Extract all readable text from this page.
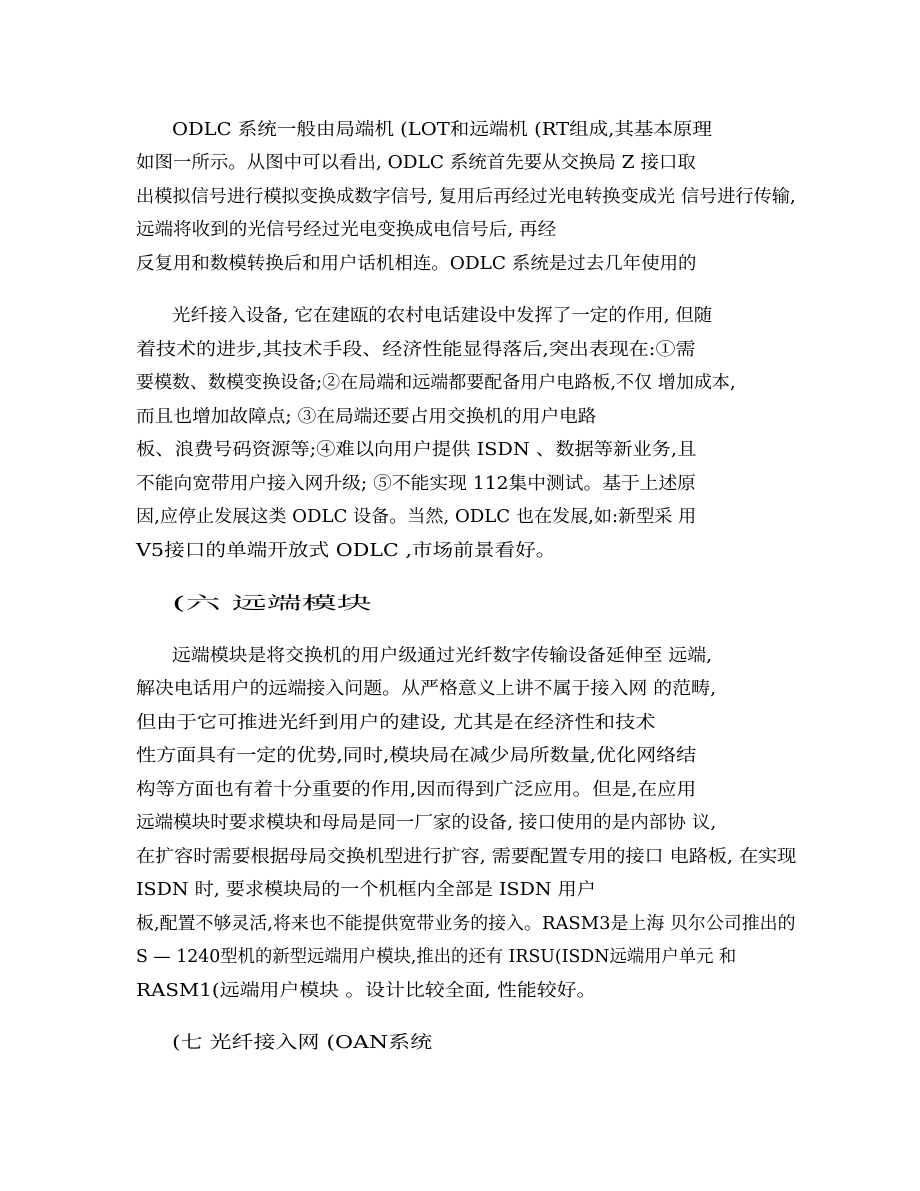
ODLC 系统一般由局端机 (LOT和远端机 (RT组成,其基本原理
如图一所示。从图中可以看出, ODLC 系统首先要从交换局 Z 接口取
出模拟信号进行模拟变换成数字信号, 复用后再经过光电转换变成光 信号进行传输,
远端将收到的光信号经过光电变换成电信号后, 再经
反复用和数模转换后和用户话机相连。ODLC 系统是过去几年使用的
光纤接入设备, 它在建瓯的农村电话建设中发挥了一定的作用, 但随
着技术的进步,其技术手段、经济性能显得落后,突出表现在:①需
要模数、数模变换设备;②在局端和远端都要配备用户电路板,不仅 增加成本,
而且也增加故障点; ③在局端还要占用交换机的用户电路
板、浪费号码资源等;④难以向用户提供 ISDN 、数据等新业务,且
不能向宽带用户接入网升级; ⑤不能实现 112集中测试。基于上述原
因,应停止发展这类 ODLC 设备。当然, ODLC 也在发展,如:新型采 用
V5接口的单端开放式 ODLC ,市场前景看好。
(六 远端模块
远端模块是将交换机的用户级通过光纤数字传输设备延伸至 远端,
解决电话用户的远端接入问题。从严格意义上讲不属于接入网 的范畴,
但由于它可推进光纤到用户的建设, 尤其是在经济性和技术
性方面具有一定的优势,同时,模块局在减少局所数量,优化网络结
构等方面也有着十分重要的作用,因而得到广泛应用。但是,在应用
远端模块时要求模块和母局是同一厂家的设备, 接口使用的是内部协 议,
在扩容时需要根据母局交换机型进行扩容, 需要配置专用的接口 电路板, 在实现
ISDN 时, 要求模块局的一个机框内全部是 ISDN 用户
板,配置不够灵活,将来也不能提供宽带业务的接入。RASM3是上海 贝尔公司推出的
S — 1240型机的新型远端用户模块,推出的还有 IRSU(ISDN远端用户单元 和
RASM1(远端用户模块 。设计比较全面, 性能较好。
(七 光纤接入网 (OAN系统
